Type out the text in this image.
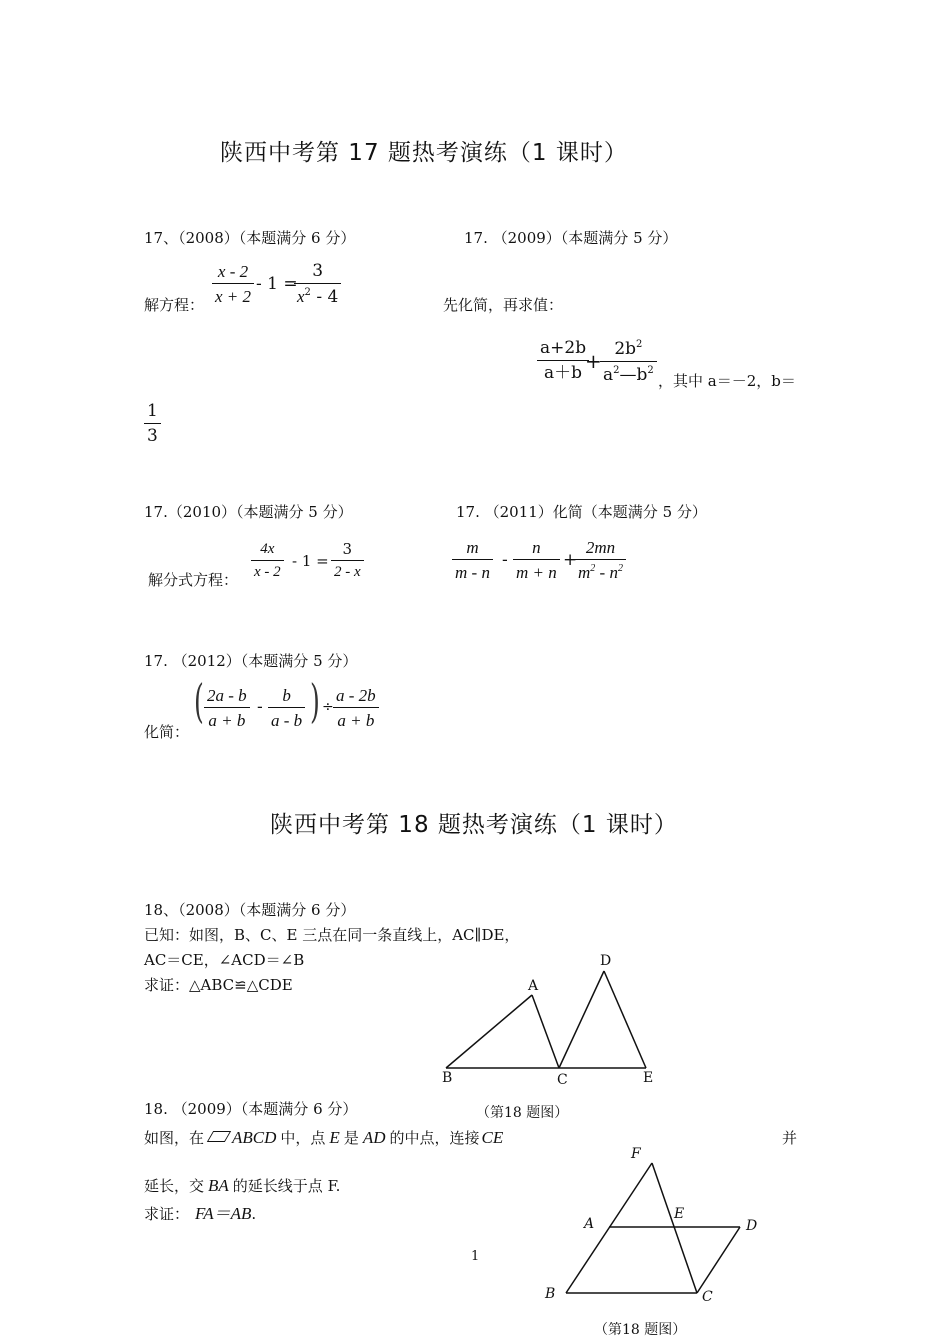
陕西中考第 17 题热考演练（1 课时）
17、（2008）（本题满分 6 分）
解方程： $\frac{x - 2}{x + 2} - 1$ =
$\frac{3}{x^2 - 4}$
17. （2009）（本题满分 5 分）
先化简，再求值：
$\frac{a+2b}{a+b}$
+
$\frac{2b^2}{a^2—b^2}$ ，其中 a＝－2，b＝
$\frac{1}{3}$
17.（2010）（本题满分 5 分）
解分式方程： $\frac{4x}{x - 2} - 1 = \frac{3}{2 - x}$
17. （2011）化简（本题满分 5 分）
$\frac{m}{m - n} - \frac{n}{m + n}$ +
$\frac{2mn}{m^2 - n^2}$
17. （2012）（本题满分 5 分）
化简：
( $\frac{2a - b}{a + b} - \frac{b}{a - b}$ ) ÷ $\frac{a - 2b}{a + b}$
陕西中考第 18 题热考演练（1 课时）
18、（2008）（本题满分 6 分）
已知：如图，B、C、E 三点在同一条直线上，AC∥DE，
AC＝CE，∠ACD＝∠B
求证：△ABC≌△CDE	A
B	C
D
E
（第18 题图）
18. （2009）（本题满分 6 分）
如图，在 ABCD 中，点 E 是 AD 的中点，连接 CE	并
延长，交 BA 的延长线于点 F.
求证： FA＝AB.
F
A
E
D
B	C
（第18 题图）
1
